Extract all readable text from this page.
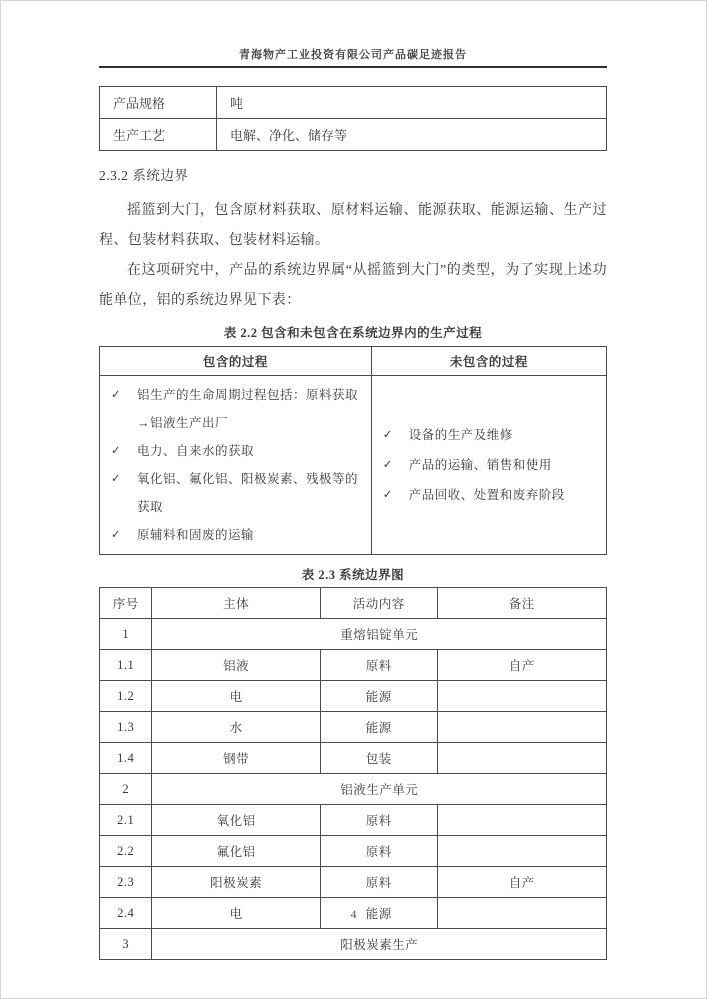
青海物产工业投资有限公司产品碳足迹报告
产品规格	吨
生产工艺	电解、净化、储存等
2.3.2 系统边界

摇篮到大门，包含原材料获取、原材料运输、能源获取、能源运输、生产过程、包装材料获取、包装材料运输。

在这项研究中，产品的系统边界属“从摇篮到大门”的类型，为了实现上述功能单位，铝的系统边界见下表：

表 2.2 包含和未包含在系统边界内的生产过程
包含的过程	未包含的过程

✓	铝生产的生命周期过程包括：原料获取→铝液生产出厂
✓	电力、自来水的获取
✓	氧化铝、氟化铝、阳极炭素、残极等的获取
✓	原辅料和固废的运输

✓	设备的生产及维修
✓	产品的运输、销售和使用
✓	产品回收、处置和废弃阶段
表 2.3 系统边界图
序号	主体	活动内容	备注
1	重熔铝锭单元		
1.1	铝液	原料	自产
1.2	电	能源	
1.3	水	能源	
1.4	钢带	包装	
2	铝液生产单元		
2.1	氧化铝	原料	
2.2	氟化铝	原料	
2.3	阳极炭素	原料	自产
2.4	电	能源	
3	阳极炭素生产		
4
